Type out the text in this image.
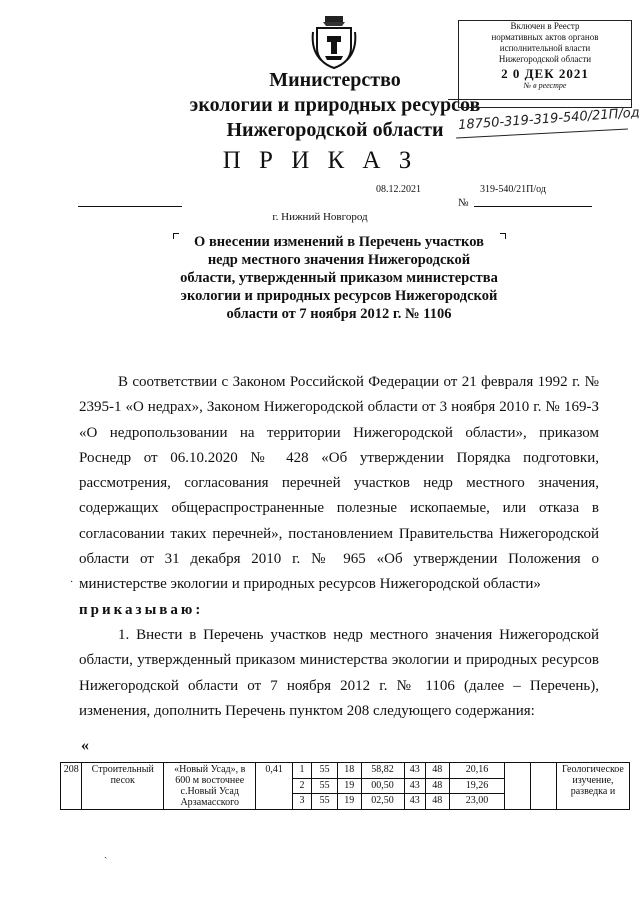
Министерство
экологии и природных ресурсов
Нижегородской области
Включен в Реестр
нормативных актов органов
исполнительной власти
Нижегородской области
2 0 ДЕК 2021
№ в реестре
18750-319-319-540/21П/од
П Р И К А З
08.12.2021	319-540/21П/од
№
г. Нижний Новгород
О внесении изменений в Перечень участков недр местного значения Нижегородской области, утвержденный приказом министерства экологии и природных ресурсов Нижегородской области от 7 ноября 2012 г. № 1106

В соответствии с Законом Российской Федерации от 21 февраля 1992 г. № 2395-1 «О недрах», Законом Нижегородской области от 3 ноября 2010 г. № 169-З «О недропользовании на территории Нижегородской области», приказом Роснедр от 06.10.2020 № 428 «Об утверждении Порядка подготовки, рассмотрения, согласования перечней участков недр местного значения, содержащих общераспространенные полезные ископаемые, или отказа в согласовании таких перечней», постановлением Правительства Нижегородской области от 31 декабря 2010 г. № 965 «Об утверждении Положения о министерстве экологии и природных ресурсов Нижегородской области»

приказываю:

1. Внести в Перечень участков недр местного значения Нижегородской области, утвержденный приказом министерства экологии и природных ресурсов Нижегородской области от 7 ноября 2012 г. № 1106 (далее – Перечень), изменения, дополнить Перечень пунктом 208 следующего содержания:

·
«
208	Строительный песок	«Новый Усад», в 600 м восточнее с.Новый Усад Арзамасского	0,41	1	55	18	58,82	43	48	20,16			Геологическое изучение, разведка и
				2	55	19	00,50	43	48	19,26			
				3	55	19	02,50	43	48	23,00			
ˎ
